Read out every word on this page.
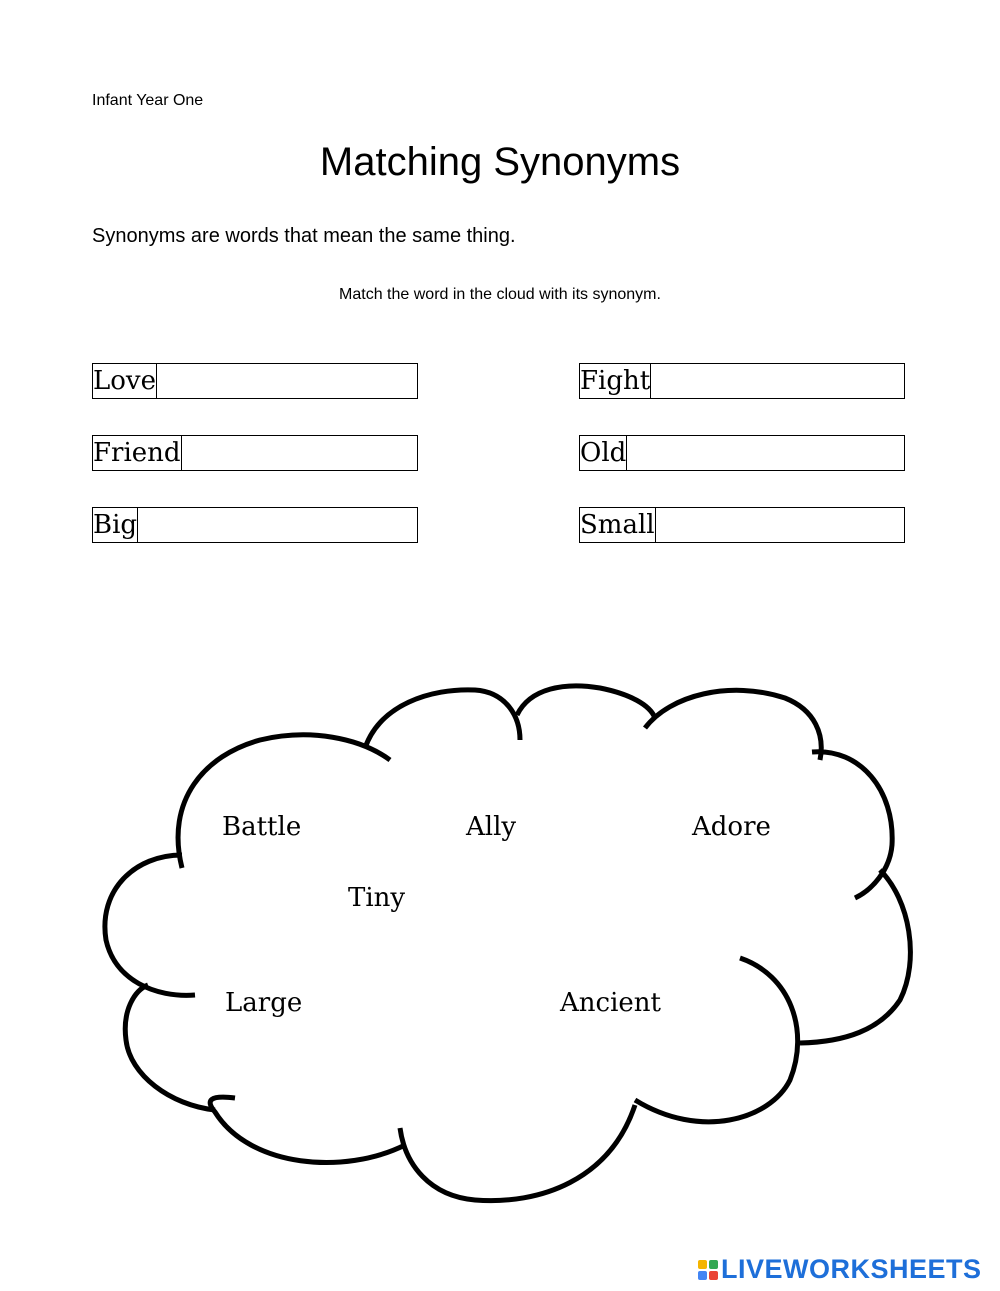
Infant Year One
Matching Synonyms
Synonyms are words that mean the same thing.
Match the word in the cloud with its synonym.
Love
Friend
Big
Fight
Old
Small
Battle	Ally	Adore
Tiny
Large	Ancient
LIVEWORKSHEETS
